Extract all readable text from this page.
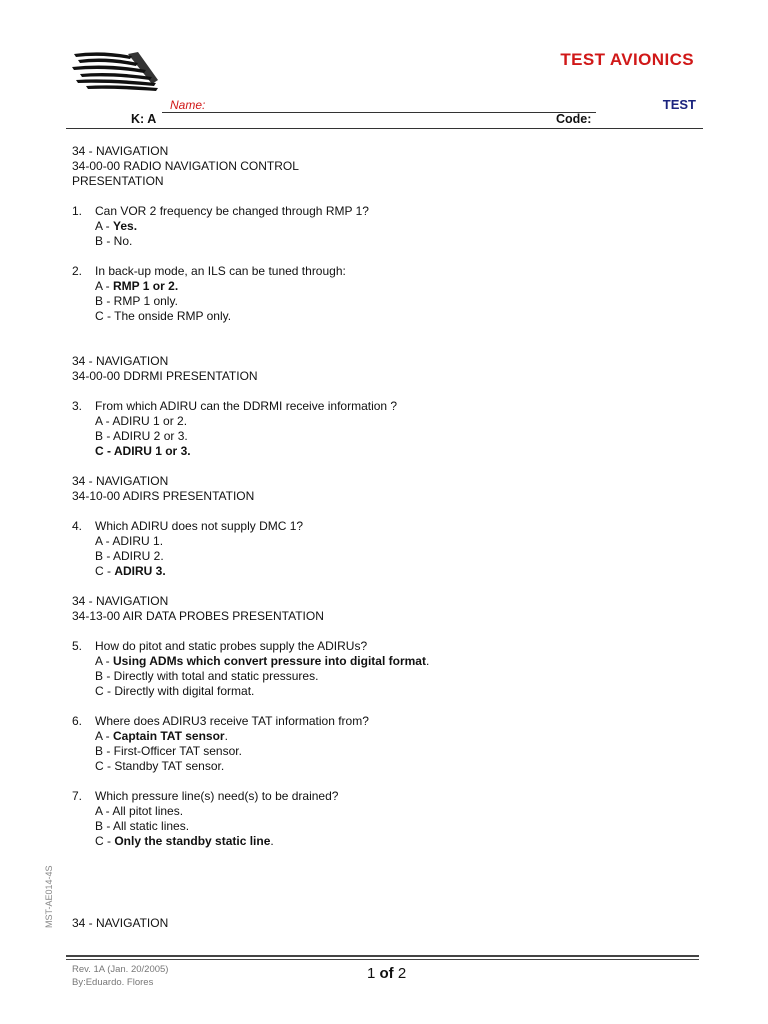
TEST AVIONICS
Name:	TEST
K: A	Code:
34 - NAVIGATION
34-00-00 RADIO NAVIGATION CONTROL
PRESENTATION
1. Can VOR 2 frequency be changed through RMP 1?
A - Yes.
B - No.
2. In back-up mode, an ILS can be tuned through:
A - RMP 1 or 2.
B - RMP 1 only.
C - The onside RMP only.
34 - NAVIGATION
34-00-00 DDRMI PRESENTATION
3. From which ADIRU can the DDRMI receive information ?
A - ADIRU 1 or 2.
B - ADIRU 2 or 3.
C - ADIRU 1 or 3.
34 - NAVIGATION
34-10-00 ADIRS PRESENTATION
4. Which ADIRU does not supply DMC 1?
A - ADIRU 1.
B - ADIRU 2.
C - ADIRU 3.
34 - NAVIGATION
34-13-00 AIR DATA PROBES PRESENTATION
5. How do pitot and static probes supply the ADIRUs?
A - Using ADMs which convert pressure into digital format.
B - Directly with total and static pressures.
C - Directly with digital format.
6. Where does ADIRU3 receive TAT information from?
A - Captain TAT sensor.
B - First-Officer TAT sensor.
C - Standby TAT sensor.
7. Which pressure line(s) need(s) to be drained?
A - All pitot lines.
B - All static lines.
C - Only the standby static line.
34 - NAVIGATION
MST-AE014-4S
Rev. 1A (Jan. 20/2005)
By:Eduardo. Flores	1 of 2
